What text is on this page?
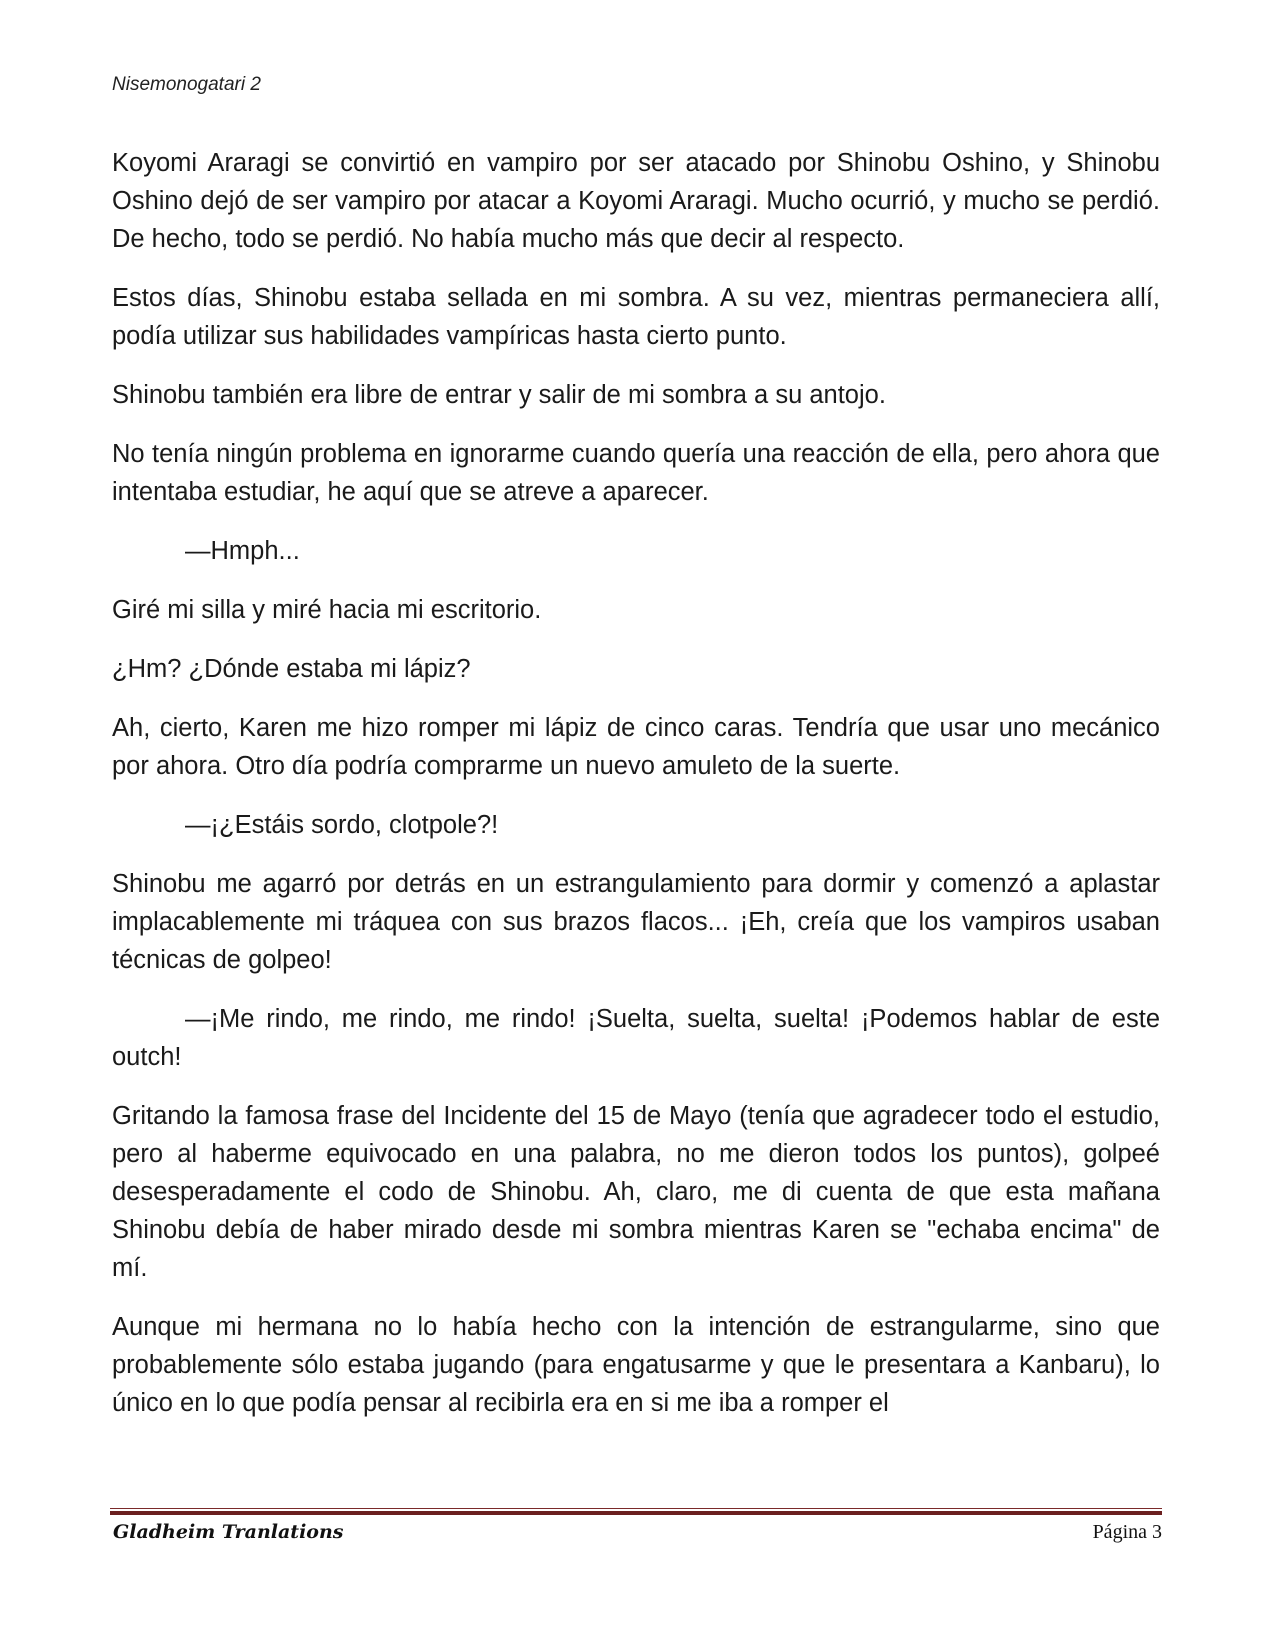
Nisemonogatari 2

Koyomi Araragi se convirtió en vampiro por ser atacado por Shinobu Oshino, y Shinobu Oshino dejó de ser vampiro por atacar a Koyomi Araragi. Mucho ocurrió, y mucho se perdió. De hecho, todo se perdió. No había mucho más que decir al respecto.

Estos días, Shinobu estaba sellada en mi sombra. A su vez, mientras permaneciera allí, podía utilizar sus habilidades vampíricas hasta cierto punto.

Shinobu también era libre de entrar y salir de mi sombra a su antojo.

No tenía ningún problema en ignorarme cuando quería una reacción de ella, pero ahora que intentaba estudiar, he aquí que se atreve a aparecer.

—Hmph...

Giré mi silla y miré hacia mi escritorio.

¿Hm? ¿Dónde estaba mi lápiz?

Ah, cierto, Karen me hizo romper mi lápiz de cinco caras. Tendría que usar uno mecánico por ahora. Otro día podría comprarme un nuevo amuleto de la suerte.

—¡¿Estáis sordo, clotpole?!

Shinobu me agarró por detrás en un estrangulamiento para dormir y comenzó a aplastar implacablemente mi tráquea con sus brazos flacos... ¡Eh, creía que los vampiros usaban técnicas de golpeo!

—¡Me rindo, me rindo, me rindo! ¡Suelta, suelta, suelta! ¡Podemos hablar de este outch!

Gritando la famosa frase del Incidente del 15 de Mayo (tenía que agradecer todo el estudio, pero al haberme equivocado en una palabra, no me dieron todos los puntos), golpeé desesperadamente el codo de Shinobu. Ah, claro, me di cuenta de que esta mañana Shinobu debía de haber mirado desde mi sombra mientras Karen se "echaba encima" de mí.

Aunque mi hermana no lo había hecho con la intención de estrangularme, sino que probablemente sólo estaba jugando (para engatusarme y que le presentara a Kanbaru), lo único en lo que podía pensar al recibirla era en si me iba a romper el

Gladheim Tranlations	Página 3
